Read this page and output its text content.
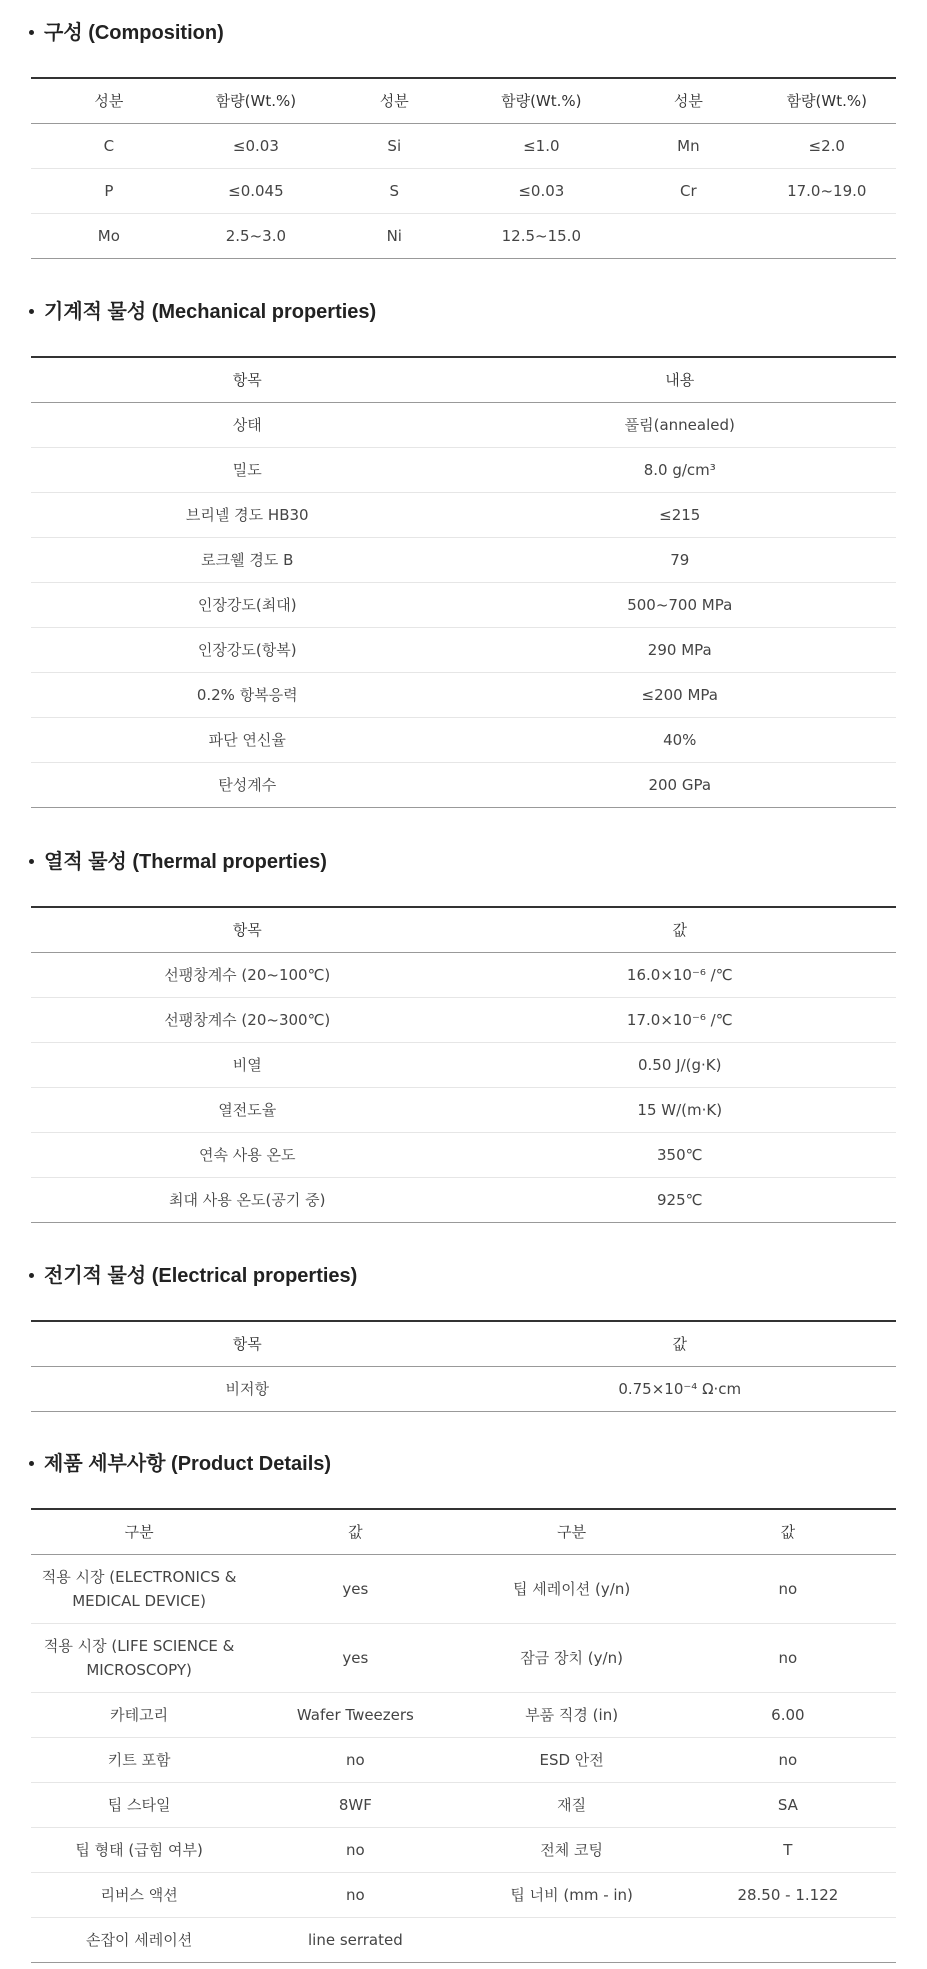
구성 (Composition)
성분	함량(Wt.%)	성분	함량(Wt.%)	성분	함량(Wt.%)
C	≤0.03	Si	≤1.0	Mn	≤2.0
P	≤0.045	S	≤0.03	Cr	17.0~19.0
Mo	2.5~3.0	Ni	12.5~15.0		
기계적 물성 (Mechanical properties)
항목	내용
상태	풀림(annealed)
밀도	8.0 g/cm³
브리넬 경도 HB30	≤215
로크웰 경도 B	79
인장강도(최대)	500~700 MPa
인장강도(항복)	290 MPa
0.2% 항복응력	≤200 MPa
파단 연신율	40%
탄성계수	200 GPa
열적 물성 (Thermal properties)
항목	값
선팽창계수 (20~100℃)	16.0×10⁻⁶ /℃
선팽창계수 (20~300℃)	17.0×10⁻⁶ /℃
비열	0.50 J/(g·K)
열전도율	15 W/(m·K)
연속 사용 온도	350℃
최대 사용 온도(공기 중)	925℃
전기적 물성 (Electrical properties)
항목	값
비저항	0.75×10⁻⁴ Ω·cm
제품 세부사항 (Product Details)
구분	값	구분	값
적용 시장 (ELECTRONICS & MEDICAL DEVICE)	yes	팁 세레이션 (y/n)	no
적용 시장 (LIFE SCIENCE & MICROSCOPY)	yes	잠금 장치 (y/n)	no
카테고리	Wafer Tweezers	부품 직경 (in)	6.00
키트 포함	no	ESD 안전	no
팁 스타일	8WF	재질	SA
팁 형태 (급힘 여부)	no	전체 코팅	T
리버스 액션	no	팁 너비 (mm - in)	28.50 - 1.122
손잡이 세레이션	line serrated		
